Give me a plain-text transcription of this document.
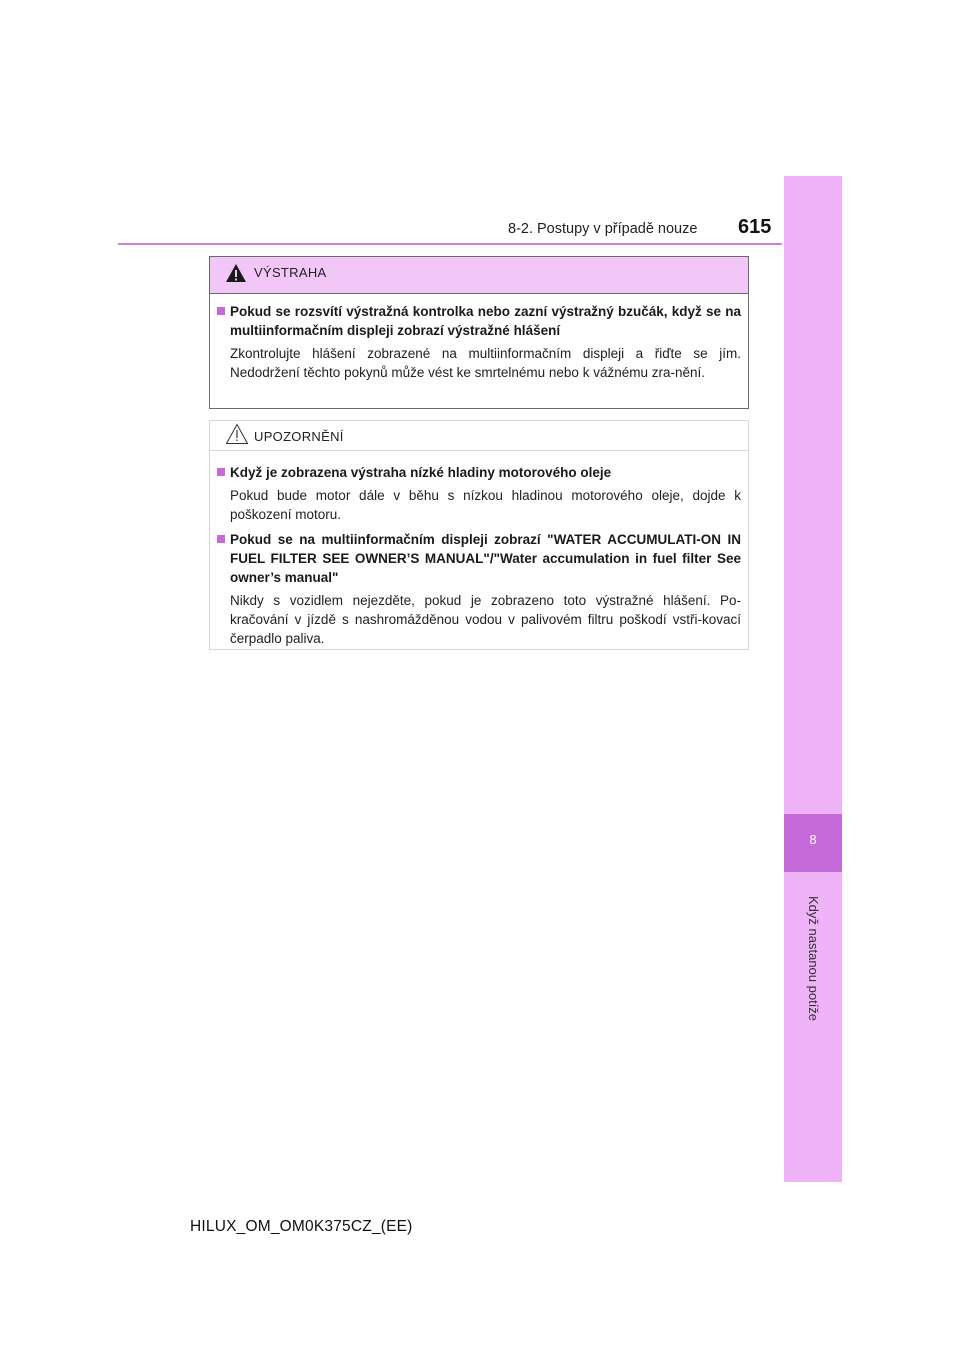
8-2. Postupy v případě nouze 615
8
Když nastanou potíže
VÝSTRAHA
Pokud se rozsvítí výstražná kontrolka nebo zazní výstražný bzučák, když se na multiinformačním displeji zobrazí výstražné hlášení
Zkontrolujte hlášení zobrazené na multiinformačním displeji a řiďte se jím. Nedodržení těchto pokynů může vést ke smrtelnému nebo k vážnému zra-nění.
UPOZORNĚNÍ
Když je zobrazena výstraha nízké hladiny motorového oleje
Pokud bude motor dále v běhu s nízkou hladinou motorového oleje, dojde k poškození motoru.
Pokud se na multiinformačním displeji zobrazí "WATER ACCUMULATI-ON IN FUEL FILTER SEE OWNER’S MANUAL"/"Water accumulation in fuel filter See owner’s manual"
Nikdy s vozidlem nejezděte, pokud je zobrazeno toto výstražné hlášení. Po-kračování v jízdě s nashromážděnou vodou v palivovém filtru poškodí vstři-kovací čerpadlo paliva.
HILUX_OM_OM0K375CZ_(EE)
